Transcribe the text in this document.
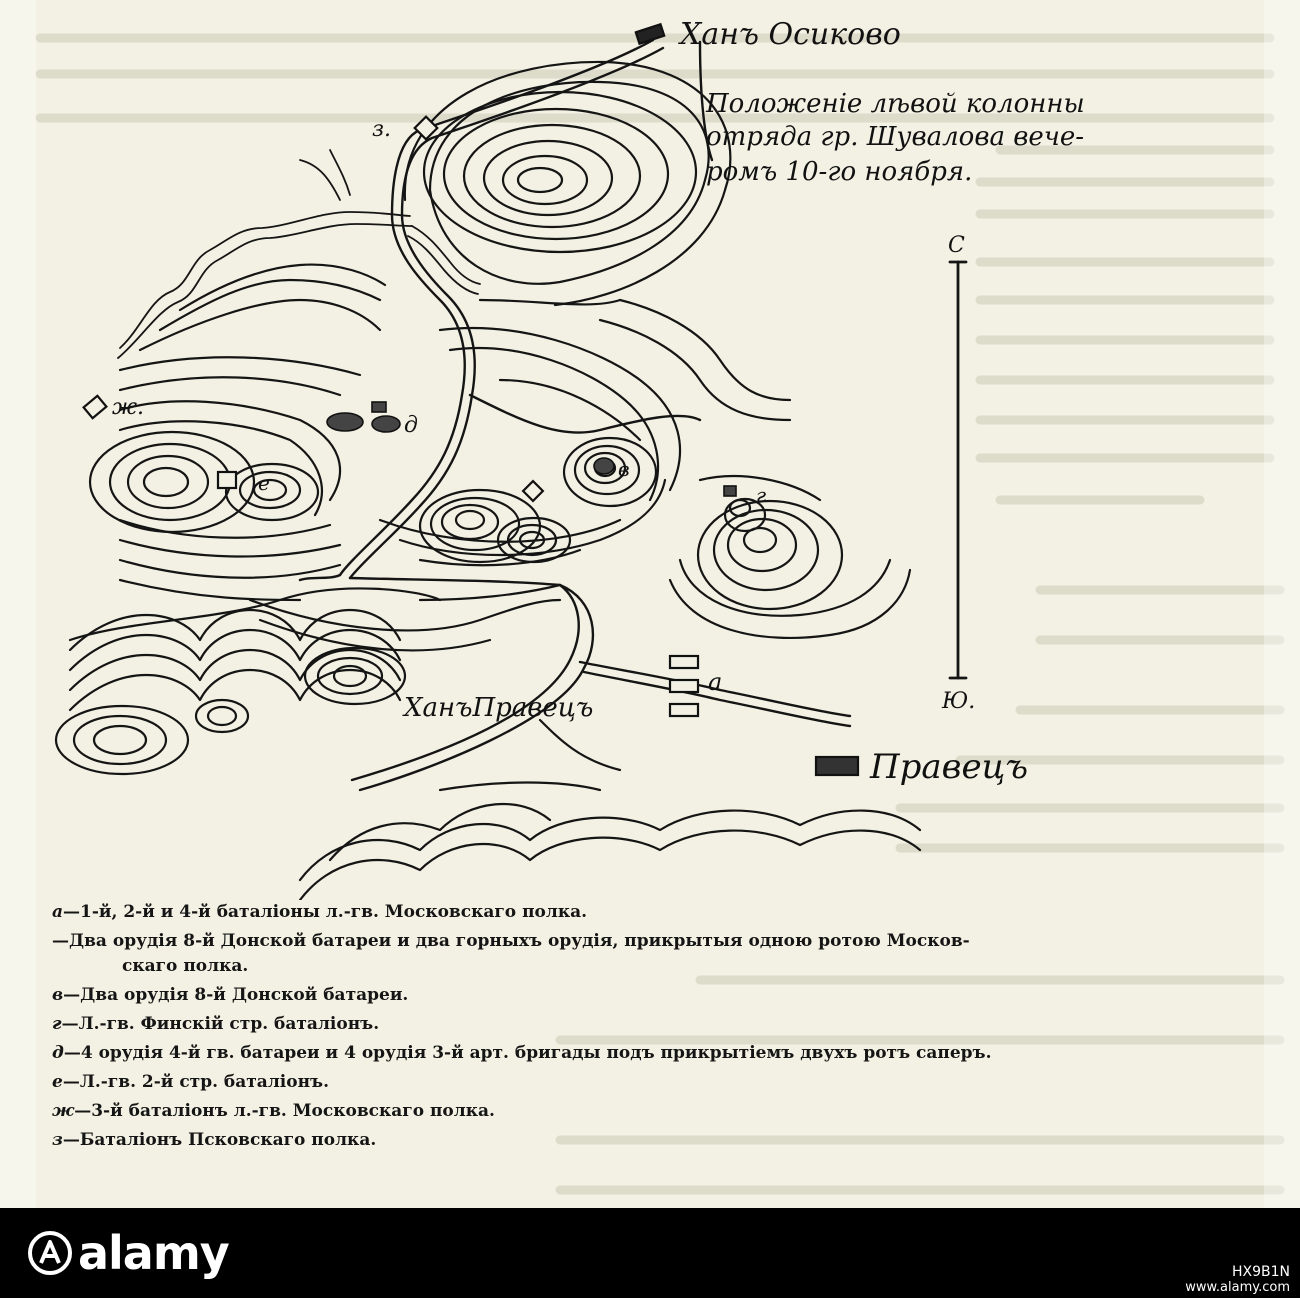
Ханъ Осиково
Положенiе лѣвой колонны
отряда гр. Шувалова вече-
ромъ 10-го ноября.
з.
ж.
д
е
в
г
а
С
Ю.
ХанъПравецъ
Правецъ
а—1-й, 2-й и 4-й баталіоны л.-гв. Московскаго полка.
—Два орудія 8-й Донской батареи и два горныхъ орудія, прикрытыя одною ротою Москов-
скаго полка.
в—Два орудія 8-й Донской батареи.
г—Л.-гв. Финскій стр. баталіонъ.
д—4 орудія 4-й гв. батареи и 4 орудія 3-й арт. бригады подъ прикрытіемъ двухъ ротъ саперъ.
е—Л.-гв. 2-й стр. баталіонъ.
ж—3-й баталіонъ л.-гв. Московскаго полка.
з—Баталіонъ Псковскаго полка.
alamy	HX9B1N
www.alamy.com
